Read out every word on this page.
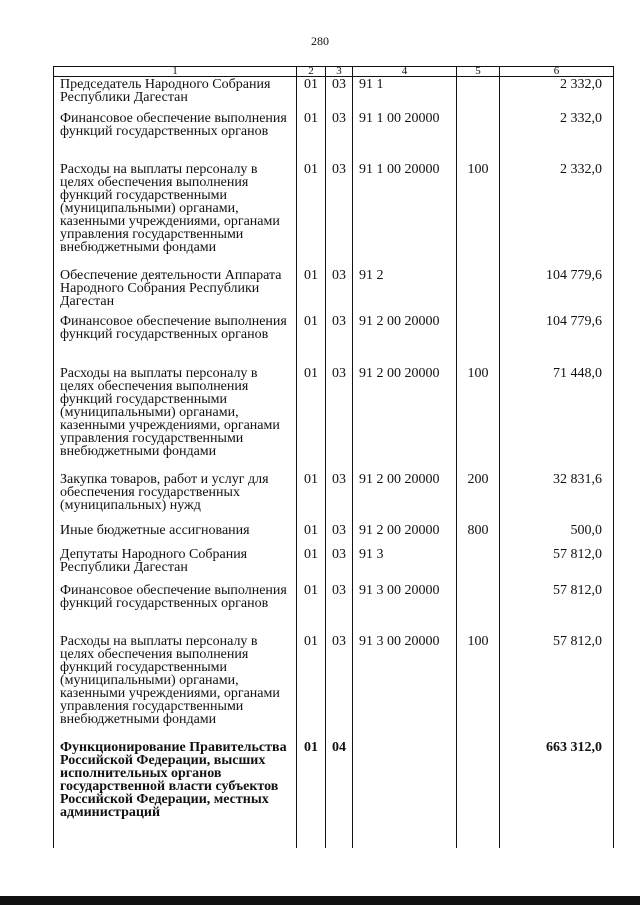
280
1	2	3	4	5	6
Председатель Народного Собрания Республики Дагестан	01	03	91 1		2 332,0
Финансовое обеспечение выполнения функций государственных органов	01	03	91 1 00 20000		2 332,0
Расходы на выплаты персоналу в целях обеспечения выполнения функций государственными (муниципальными) органами, казенными учреждениями, органами управления государственными внебюджетными фондами	01	03	91 1 00 20000	100	2 332,0
Обеспечение деятельности Аппарата Народного Собрания Республики Дагестан	01	03	91 2		104 779,6
Финансовое обеспечение выполнения функций государственных органов	01	03	91 2 00 20000		104 779,6
Расходы на выплаты персоналу в целях обеспечения выполнения функций государственными (муниципальными) органами, казенными учреждениями, органами управления государственными внебюджетными фондами	01	03	91 2 00 20000	100	71 448,0
Закупка товаров, работ и услуг для обеспечения государственных (муниципальных) нужд	01	03	91 2 00 20000	200	32 831,6
Иные бюджетные ассигнования	01	03	91 2 00 20000	800	500,0
Депутаты Народного Собрания Республики Дагестан	01	03	91 3		57 812,0
Финансовое обеспечение выполнения функций государственных органов	01	03	91 3 00 20000		57 812,0
Расходы на выплаты персоналу в целях обеспечения выполнения функций государственными (муниципальными) органами, казенными учреждениями, органами управления государственными внебюджетными фондами	01	03	91 3 00 20000	100	57 812,0
Функционирование Правительства Российской Федерации, высших исполнительных органов государственной власти субъектов Российской Федерации, местных администраций	01	04			663 312,0
